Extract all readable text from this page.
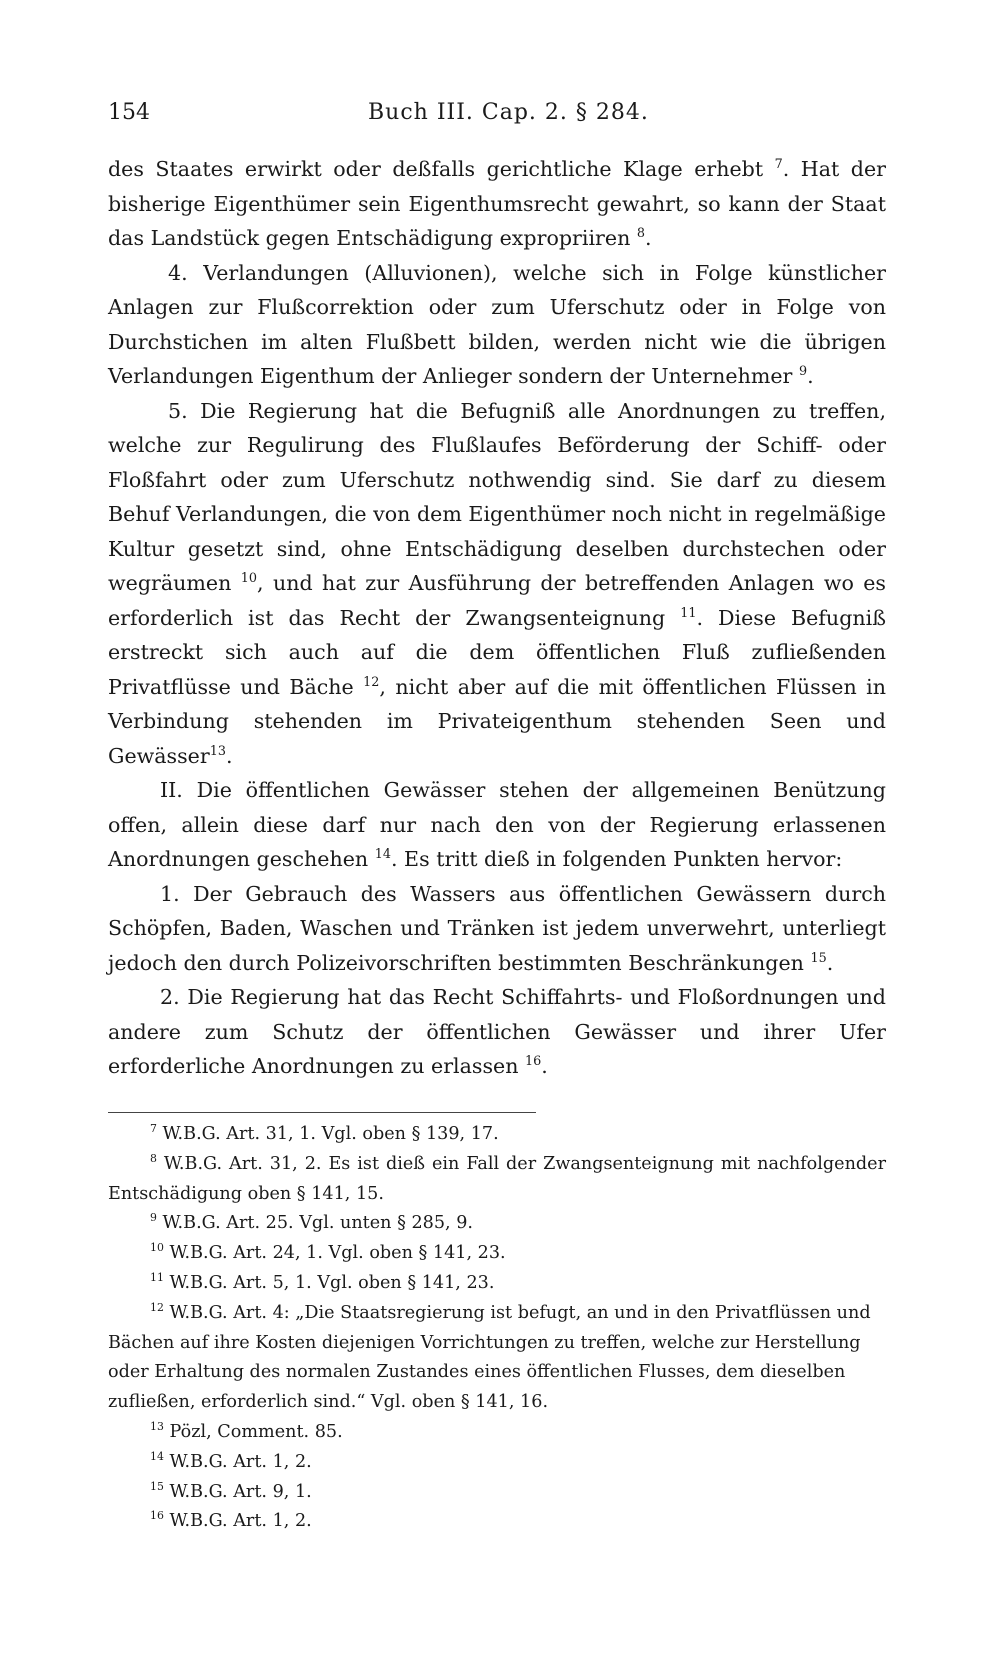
154	Buch III. Cap. 2. § 284.

des Staates erwirkt oder deßfalls gerichtliche Klage erhebt $^7$. Hat der bisherige Eigenthümer sein Eigenthumsrecht gewahrt, so kann der Staat das Landstück gegen Entschädigung expropriiren $^8$.

4. Verlandungen (Alluvionen), welche sich in Folge künstlicher Anlagen zur Flußcorrektion oder zum Uferschutz oder in Folge von Durchstichen im alten Flußbett bilden, werden nicht wie die übrigen Verlandungen Eigenthum der Anlieger sondern der Unternehmer $^9$.

5. Die Regierung hat die Befugniß alle Anordnungen zu treffen, welche zur Regulirung des Flußlaufes Beförderung der Schiff- oder Floßfahrt oder zum Uferschutz nothwendig sind. Sie darf zu diesem Behuf Verlandungen, die von dem Eigenthümer noch nicht in regelmäßige Kultur gesetzt sind, ohne Entschädigung deselben durchstechen oder wegräumen $^{10}$, und hat zur Ausführung der betreffenden Anlagen wo es erforderlich ist das Recht der Zwangsenteignung $^{11}$. Diese Befugniß erstreckt sich auch auf die dem öffentlichen Fluß zufließenden Privatflüsse und Bäche $^{12}$, nicht aber auf die mit öffentlichen Flüssen in Verbindung stehenden im Privateigenthum stehenden Seen und Gewässer$^{13}$.

II. Die öffentlichen Gewässer stehen der allgemeinen Benützung offen, allein diese darf nur nach den von der Regierung erlassenen Anordnungen geschehen $^{14}$. Es tritt dieß in folgenden Punkten hervor:

1. Der Gebrauch des Wassers aus öffentlichen Gewässern durch Schöpfen, Baden, Waschen und Tränken ist jedem unverwehrt, unterliegt jedoch den durch Polizeivorschriften bestimmten Beschränkungen $^{15}$.

2. Die Regierung hat das Recht Schiffahrts- und Floßordnungen und andere zum Schutz der öffentlichen Gewässer und ihrer Ufer erforderliche Anordnungen zu erlassen $^{16}$.

$^7$ W.B.G. Art. 31, 1. Vgl. oben § 139, 17.

$^8$ W.B.G. Art. 31, 2. Es ist dieß ein Fall der Zwangsenteignung mit nachfolgender Entschädigung oben § 141, 15.

$^9$ W.B.G. Art. 25. Vgl. unten § 285, 9.

$^{10}$ W.B.G. Art. 24, 1. Vgl. oben § 141, 23.

$^{11}$ W.B.G. Art. 5, 1. Vgl. oben § 141, 23.

$^{12}$ W.B.G. Art. 4: „Die Staatsregierung ist befugt, an und in den Privatflüssen und Bächen auf ihre Kosten diejenigen Vorrichtungen zu treffen, welche zur Herstellung oder Erhaltung des normalen Zustandes eines öffentlichen Flusses, dem dieselben zufließen, erforderlich sind.“ Vgl. oben § 141, 16.

$^{13}$ Pözl, Comment. 85.

$^{14}$ W.B.G. Art. 1, 2.

$^{15}$ W.B.G. Art. 9, 1.

$^{16}$ W.B.G. Art. 1, 2.
